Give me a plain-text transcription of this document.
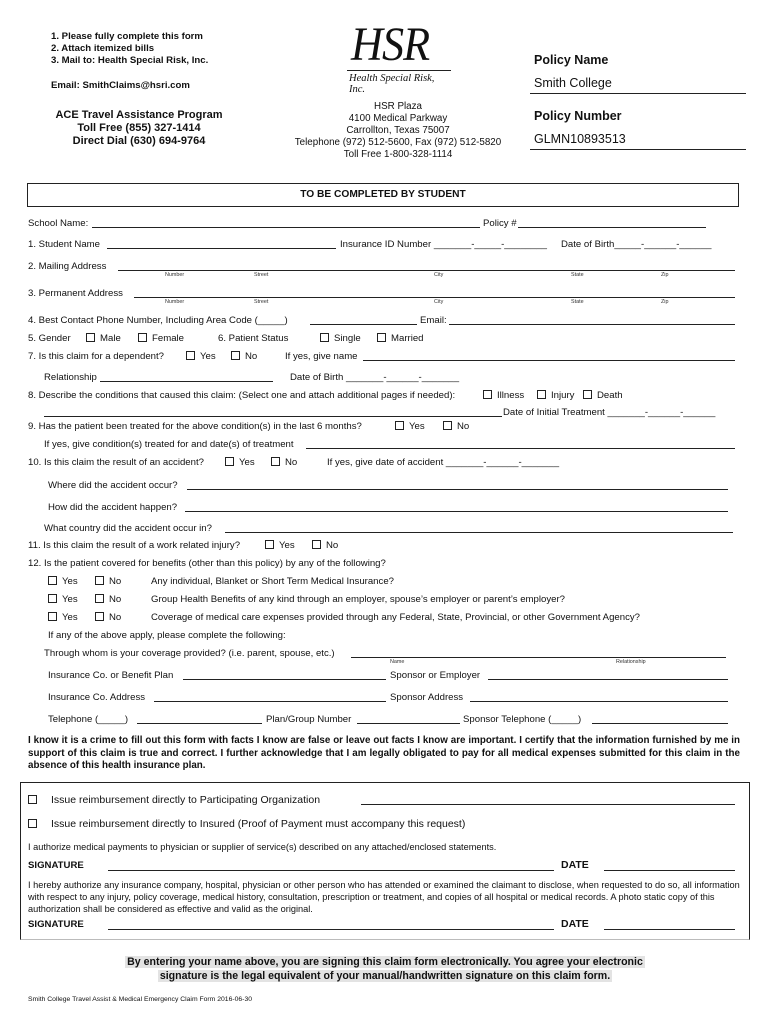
1. Please fully complete this form
2. Attach itemized bills
3. Mail to: Health Special Risk, Inc.
Email: SmithClaims@hsri.com
ACE Travel Assistance Program
Toll Free (855) 327-1414
Direct Dial (630) 694-9764
HSR
Health Special Risk, Inc.
HSR Plaza
4100 Medical Parkway
Carrollton, Texas 75007
Telephone (972) 512-5600, Fax (972) 512-5820
Toll Free 1-800-328-1114
Policy Name
Smith College
Policy Number
GLMN10893513
TO BE COMPLETED BY STUDENT
School Name:	Policy #
1. Student Name	Insurance ID Number _______-_____-________ Date of Birth_____-______-______
2. Mailing Address
Number	Street	City	State	Zip
3. Permanent Address
Number	Street	City	State	Zip
4. Best Contact Phone Number, Including Area Code (_____)	Email:
5. Gender	Male	Female	6. Patient Status	Single	Married
7. Is this claim for a dependent?	Yes	No	If yes, give name
Relationship	Date of Birth _______-______-_______
8. Describe the conditions that caused this claim: (Select one and attach additional pages if needed):	Illness	Injury	Death
Date of Initial Treatment _______-______-______
9. Has the patient been treated for the above condition(s) in the last 6 months?	Yes	No
If yes, give condition(s) treated for and date(s) of treatment
10. Is this claim the result of an accident?	Yes	No	If yes, give date of accident _______-______-_______
Where did the accident occur?
How did the accident happen?
What country did the accident occur in?
11. Is this claim the result of a work related injury?	Yes	No
12. Is the patient covered for benefits (other than this policy) by any of the following?
Yes	No	Any individual, Blanket or Short Term Medical Insurance?
Yes	No	Group Health Benefits of any kind through an employer, spouse’s employer or parent’s employer?
Yes	No	Coverage of medical care expenses provided through any Federal, State, Provincial, or other Government Agency?
If any of the above apply, please complete the following:
Through whom is your coverage provided? (i.e. parent, spouse, etc.)
Name	Relationship
Insurance Co. or Benefit Plan	Sponsor or Employer
Insurance Co. Address	Sponsor Address
Telephone (_____)	Plan/Group Number	Sponsor Telephone (_____)
I know it is a crime to fill out this form with facts I know are false or leave out facts I know are important. I certify that the information furnished by me in support of this claim is true and correct. I further acknowledge that I am legally obligated to pay for all medical expenses submitted for this claim in the absence of this health insurance plan.
Issue reimbursement directly to Participating Organization
Issue reimbursement directly to Insured (Proof of Payment must accompany this request)
I authorize medical payments to physician or supplier of service(s) described on any attached/enclosed statements.
SIGNATURE	DATE
I hereby authorize any insurance company, hospital, physician or other person who has attended or examined the claimant to disclose, when requested to do so, all information with respect to any injury, policy coverage, medical history, consultation, prescription or treatment, and copies of all hospital or medical records. A photo static copy of this authorization shall be considered as effective and valid as the original.
SIGNATURE	DATE
By entering your name above, you are signing this claim form electronically. You agree your electronic
signature is the legal equivalent of your manual/handwritten signature on this claim form.
Smith College Travel Assist & Medical Emergency Claim Form 2016-06-30
